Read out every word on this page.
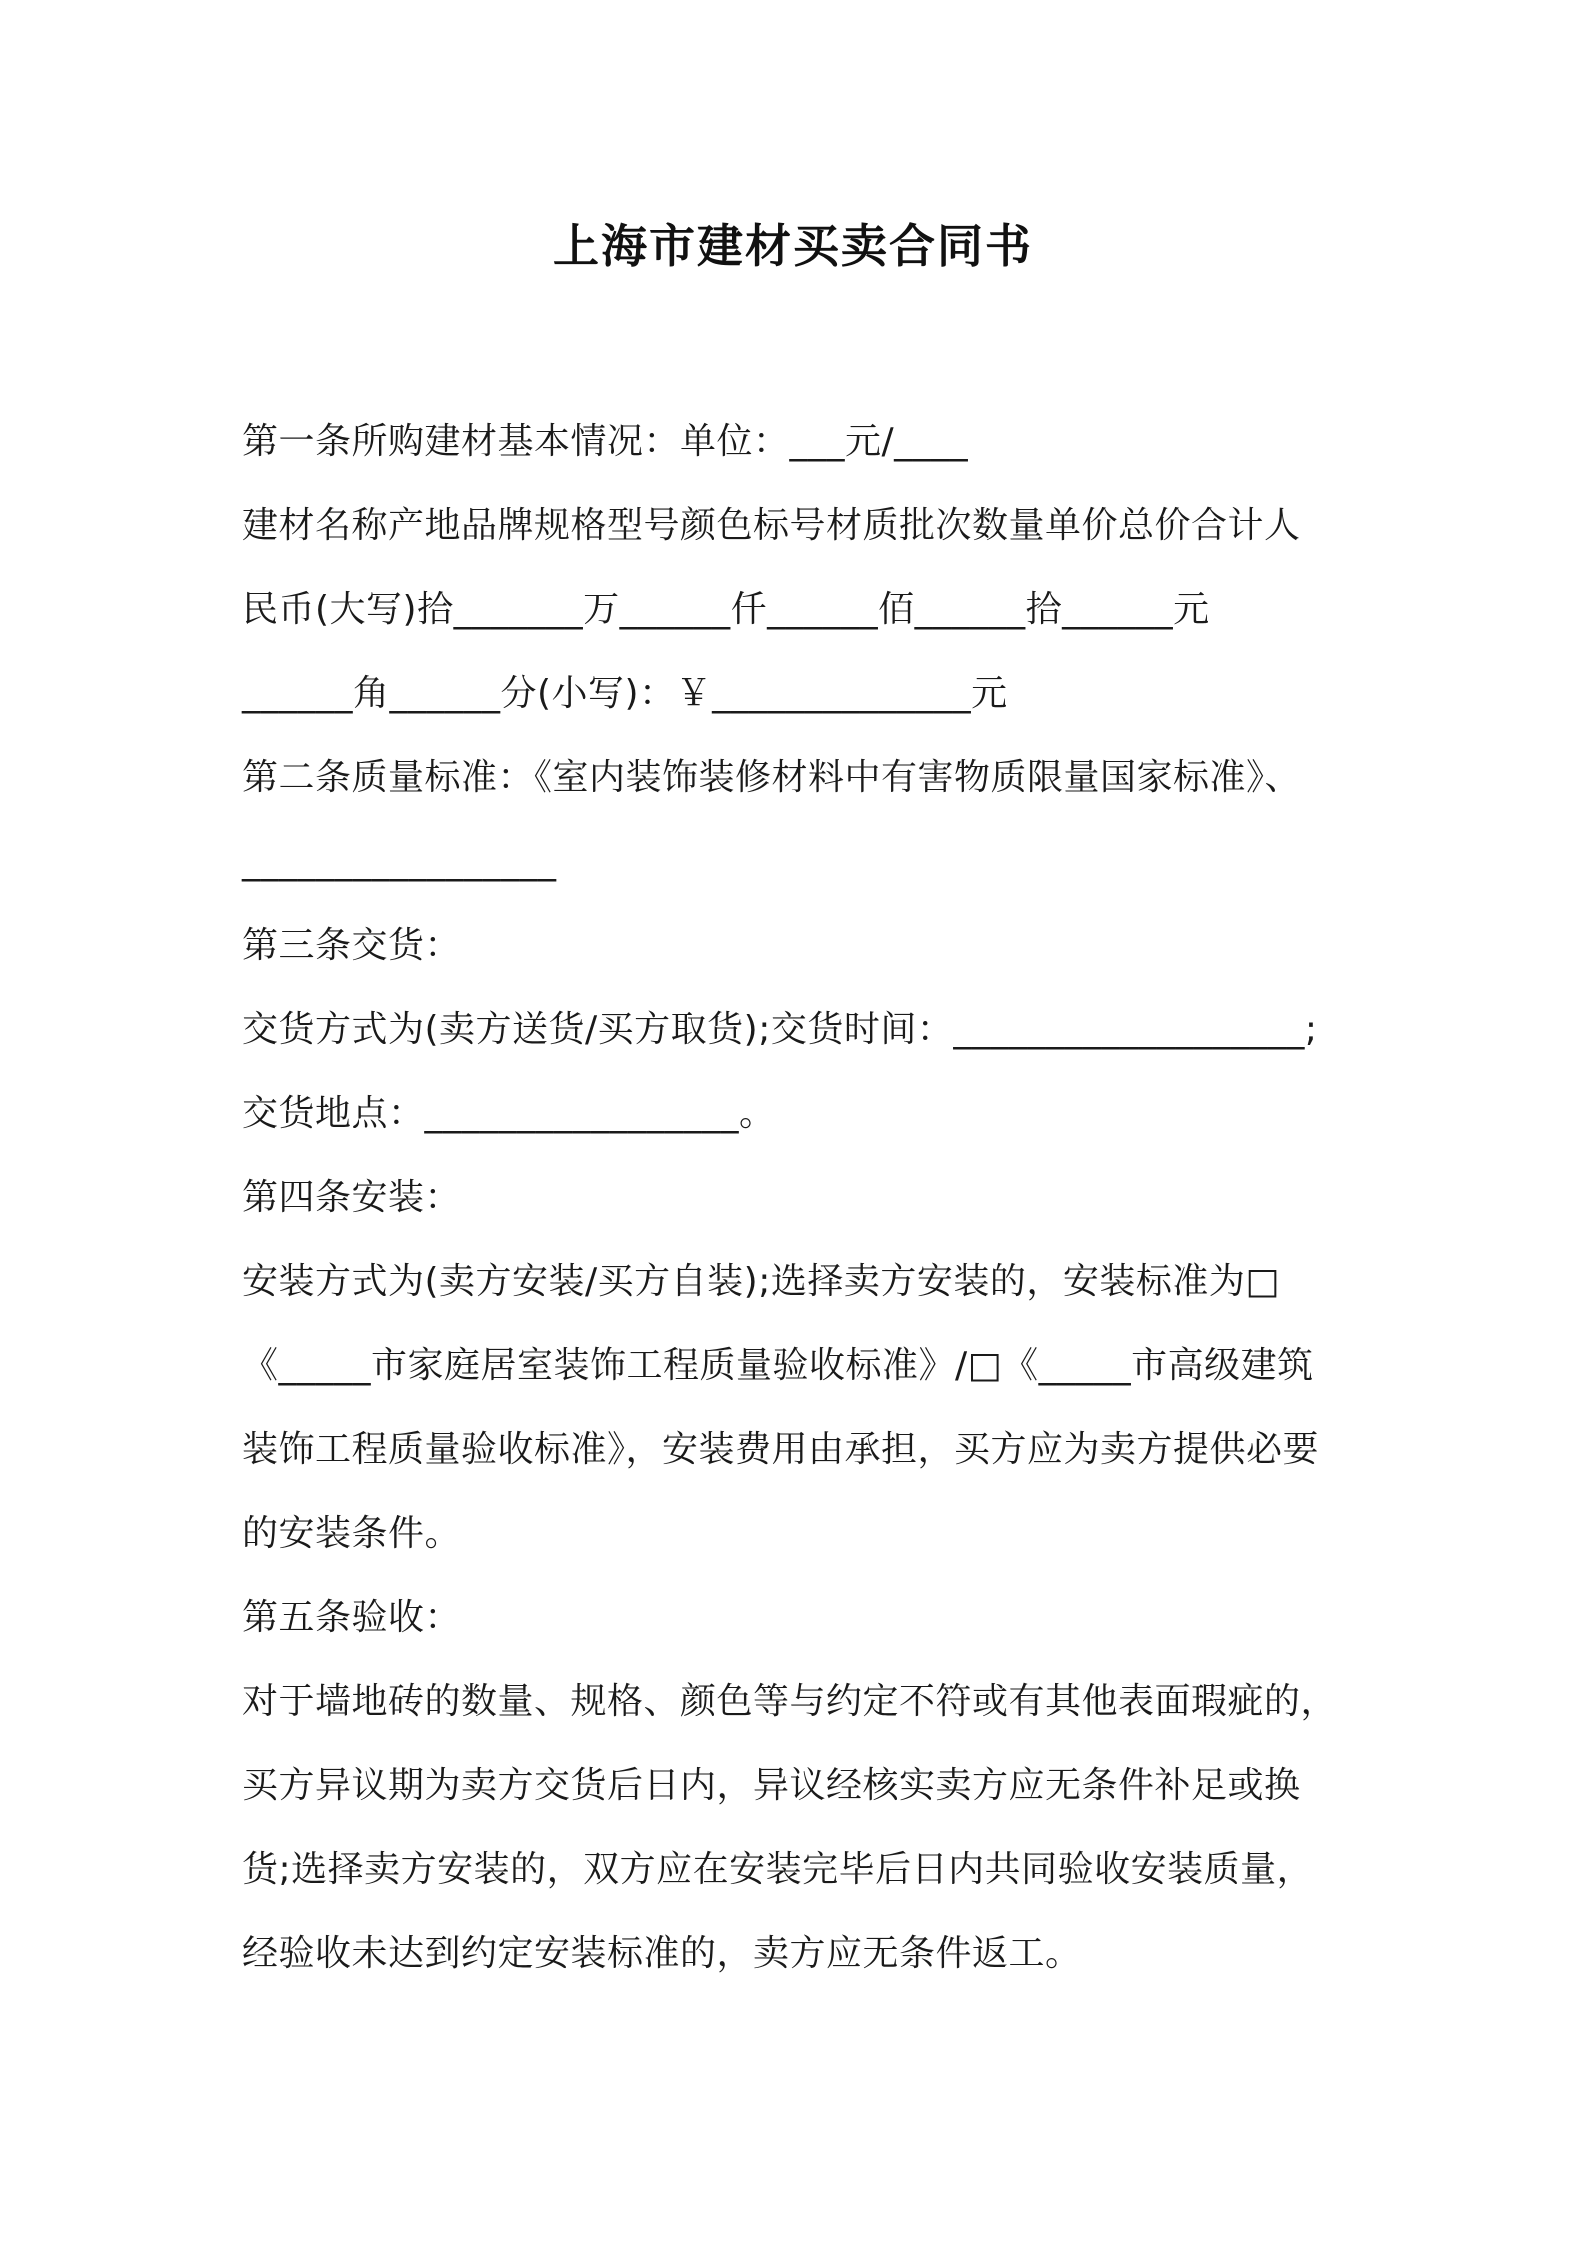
上海市建材买卖合同书

第一条所购建材基本情况：单位：___元/____

建材名称产地品牌规格型号颜色标号材质批次数量单价总价合计人

民币(大写)拾_______万______仟______佰______拾______元

______角______分(小写)：￥______________元

第二条质量标准：《室内装饰装修材料中有害物质限量国家标准》、

_________________

第三条交货：

交货方式为(卖方送货/买方取货);交货时间：___________________;

交货地点：_________________。

第四条安装：

安装方式为(卖方安装/买方自装);选择卖方安装的，安装标准为□

《_____市家庭居室装饰工程质量验收标准》/□《_____市高级建筑

装饰工程质量验收标准》，安装费用由承担，买方应为卖方提供必要

的安装条件。

第五条验收：

对于墙地砖的数量、规格、颜色等与约定不符或有其他表面瑕疵的，

买方异议期为卖方交货后日内，异议经核实卖方应无条件补足或换

货;选择卖方安装的，双方应在安装完毕后日内共同验收安装质量，

经验收未达到约定安装标准的，卖方应无条件返工。
